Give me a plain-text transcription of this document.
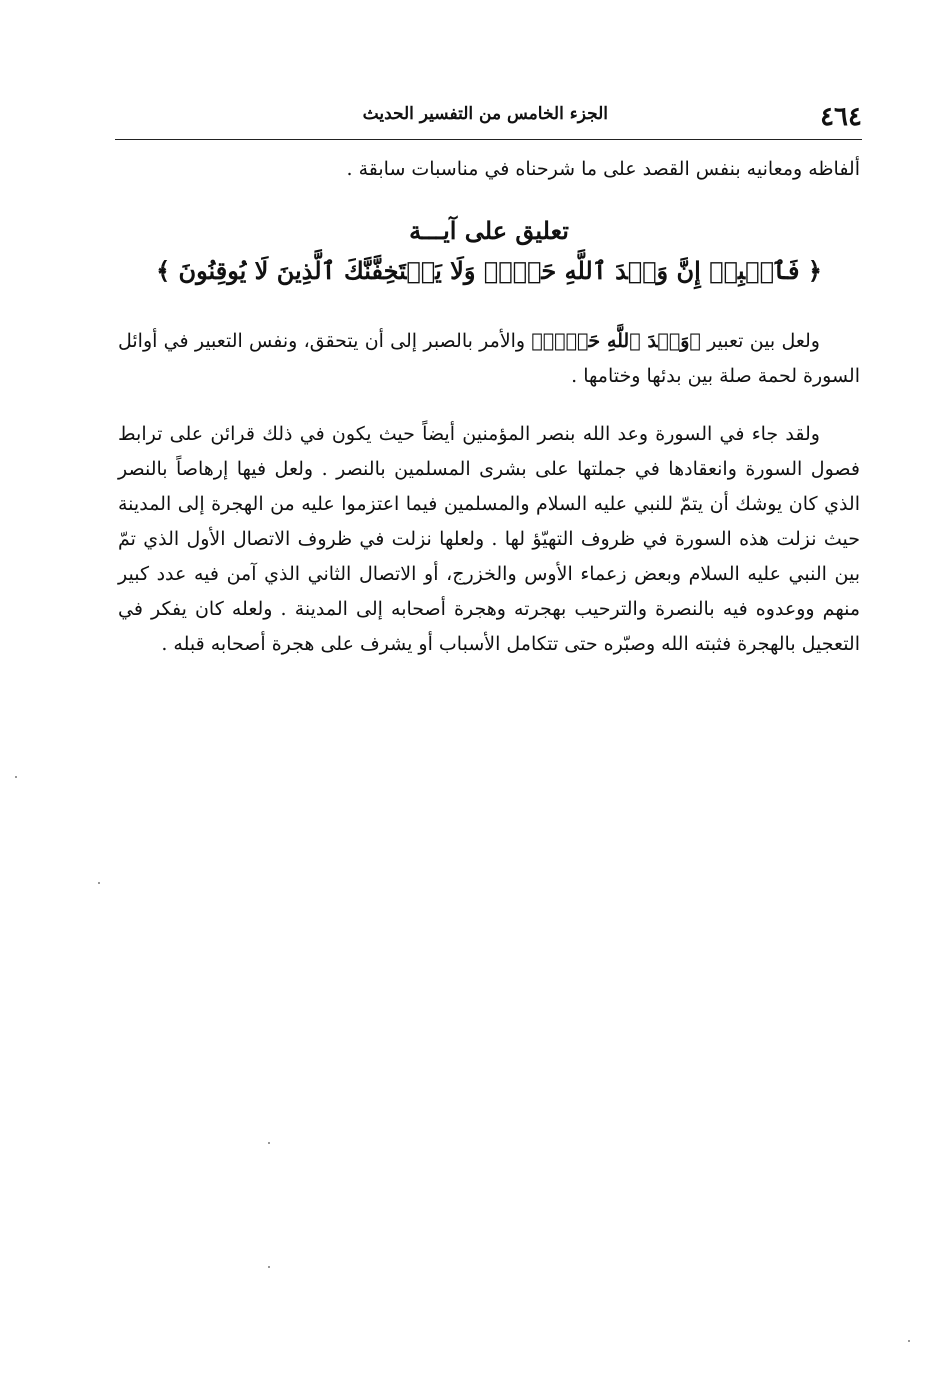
٤٦٤
الجزء الخامس من التفسير الحديث

ألفاظه ومعانيه بنفس القصد على ما شرحناه في مناسبات سابقة .

تعليق على آيـــة
﴿ فَٱصۡبِرۡ إِنَّ وَعۡدَ ٱللَّهِ حَقّٞۖ وَلَا يَسۡتَخِفَّنَّكَ ٱلَّذِينَ لَا يُوقِنُونَ ﴾

ولعل بين تعبير ﴿وَعۡدَ ٱللَّهِ حَقّٞۖ﴾ والأمر بالصبر إلى أن يتحقق، ونفس التعبير في أوائل السورة لحمة صلة بين بدئها وختامها .

ولقد جاء في السورة وعد الله بنصر المؤمنين أيضاً حيث يكون في ذلك قرائن على ترابط فصول السورة وانعقادها في جملتها على بشرى المسلمين بالنصر . ولعل فيها إرهاصاً بالنصر الذي كان يوشك أن يتمّ للنبي عليه السلام والمسلمين فيما اعتزموا عليه من الهجرة إلى المدينة حيث نزلت هذه السورة في ظروف التهيّؤ لها . ولعلها نزلت في ظروف الاتصال الأول الذي تمّ بين النبي عليه السلام وبعض زعماء الأوس والخزرج، أو الاتصال الثاني الذي آمن فيه عدد كبير منهم ووعدوه فيه بالنصرة والترحيب بهجرته وهجرة أصحابه إلى المدينة . ولعله كان يفكر في التعجيل بالهجرة فثبته الله وصبّره حتى تتكامل الأسباب أو يشرف على هجرة أصحابه قبله .
